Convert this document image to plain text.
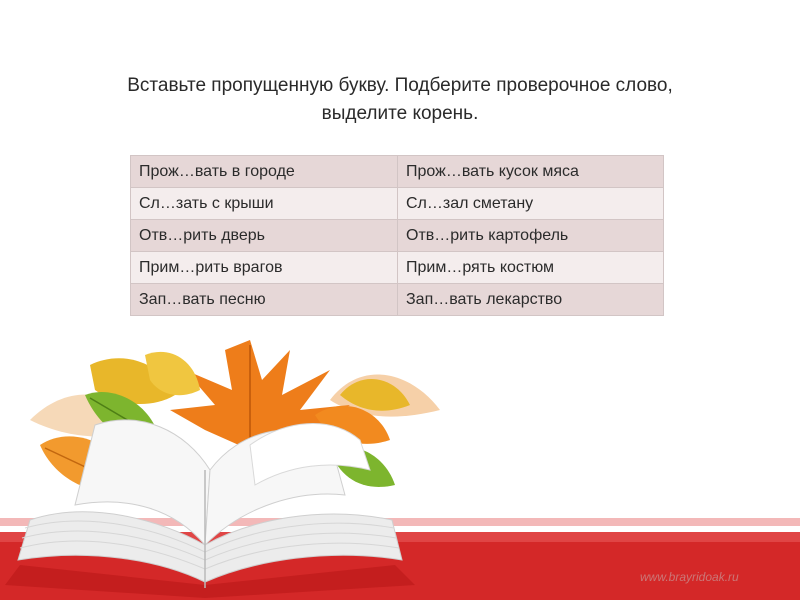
Вставьте пропущенную букву. Подберите проверочное слово,
выделите корень.
Прож…вать в городе	Прож…вать кусок мяса
Сл…зать с крыши	Сл…зал сметану
Отв…рить дверь	Отв…рить картофель
Прим…рить врагов	Прим…рять костюм
Зап…вать песню	Зап…вать лекарство
www.brayridoak.ru
